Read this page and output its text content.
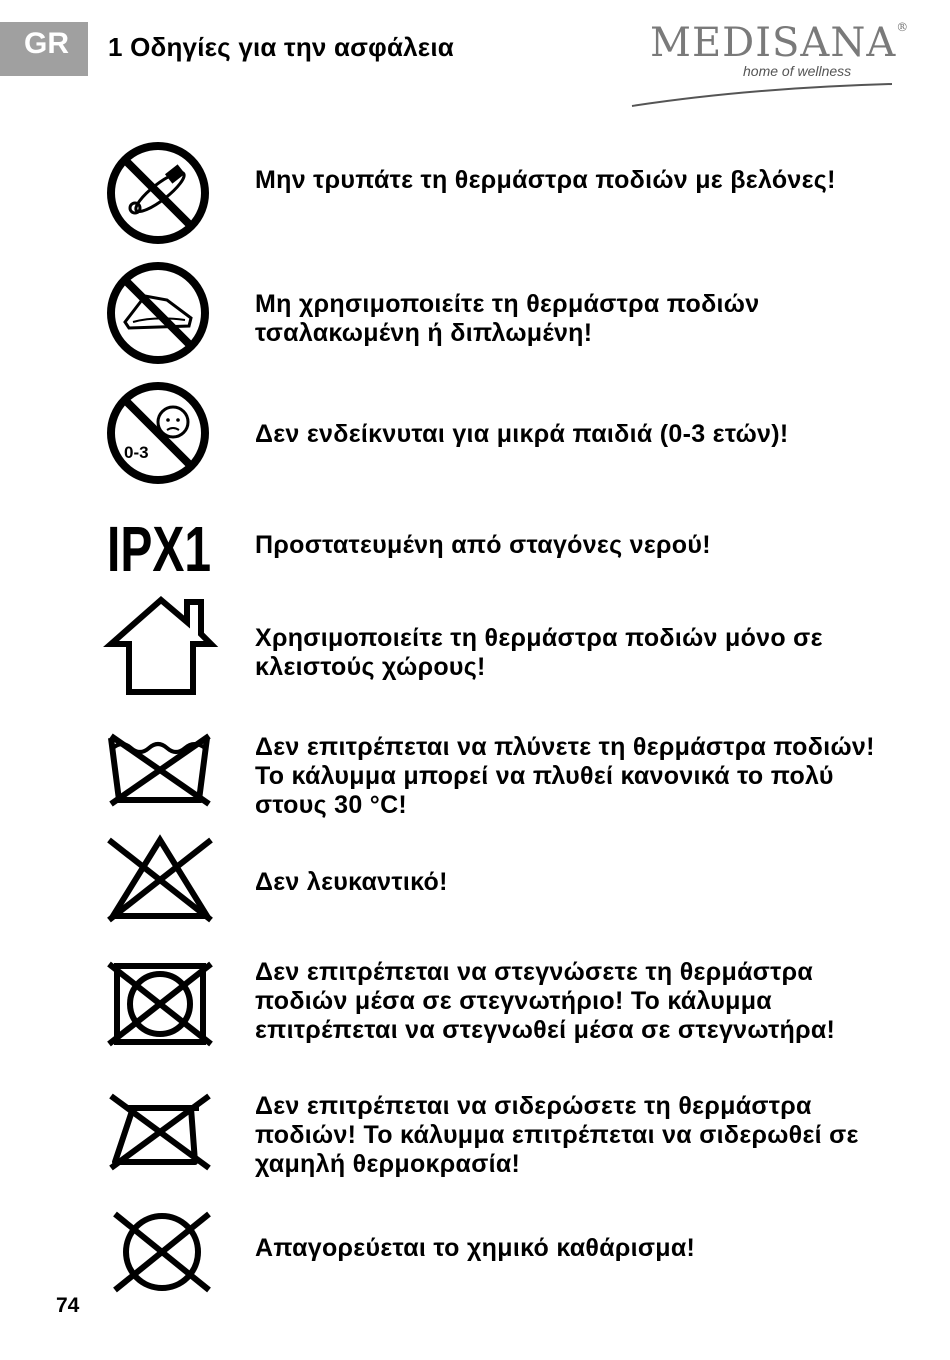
GR	1 Οδηγίες για την ασφάλεια	MEDISANA®
home of wellness
Μην τρυπάτε τη θερμάστρα ποδιών με βελόνες!
Μη χρησιμοποιείτε τη θερμάστρα ποδιών τσαλακωμένη ή διπλωμένη!
0-3
Δεν ενδείκνυται για μικρά παιδιά (0-3 ετών)!
IPX1 Προστατευμένη από σταγόνες νερού!
Χρησιμοποιείτε τη θερμάστρα ποδιών μόνο σε κλειστούς χώρους!
Δεν επιτρέπεται να πλύνετε τη θερμάστρα ποδιών! Το κάλυμμα μπορεί να πλυθεί κανονικά το πολύ στους 30 °C!
Δεν λευκαντικό!
Δεν επιτρέπεται να στεγνώσετε τη θερμάστρα ποδιών μέσα σε στεγνωτήριο! Το κάλυμμα επιτρέπεται να στεγνωθεί μέσα σε στεγνωτήρα!
Δεν επιτρέπεται να σιδερώσετε τη θερμάστρα ποδιών! Το κάλυμμα επιτρέπεται να σιδερωθεί σε χαμηλή θερμοκρασία!
Απαγορεύεται το χημικό καθάρισμα!
74
